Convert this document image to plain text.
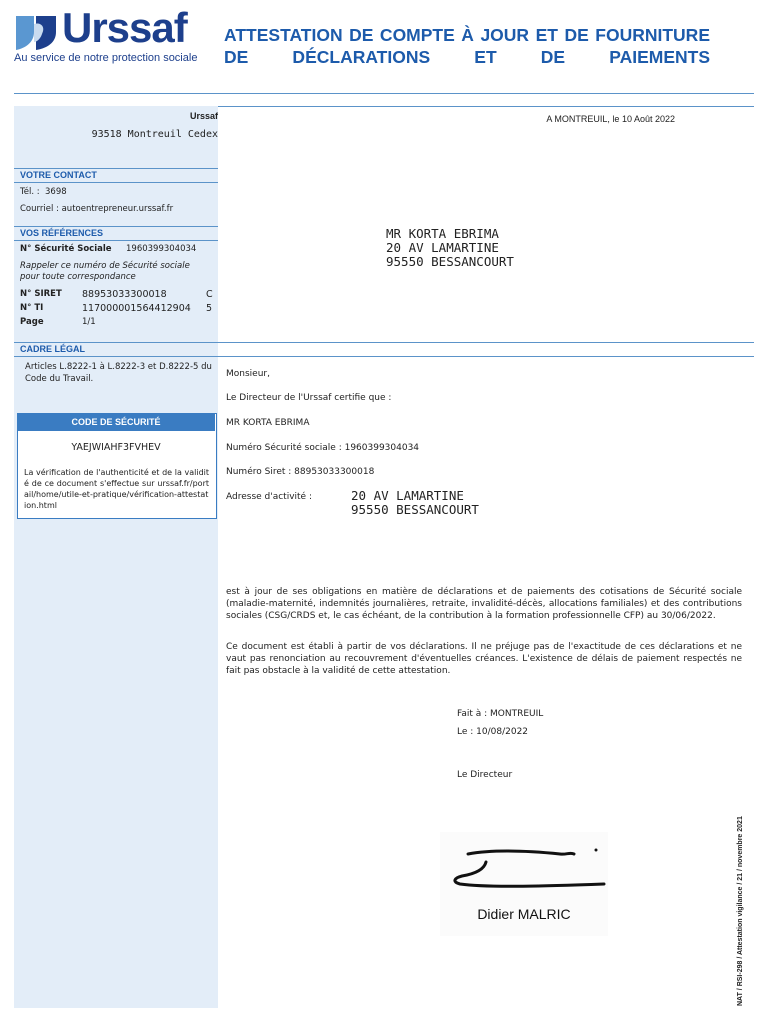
Urssaf
Au service de notre protection sociale
ATTESTATION DE COMPTE À JOUR ET DE FOURNITURE DE DÉCLARATIONS ET DE PAIEMENTS
Urssaf
93518 Montreuil Cedex
A MONTREUIL, le 10 Août 2022
VOTRE CONTACT
Tél. : 3698
Courriel : autoentrepreneur.urssaf.fr
VOS RÉFÉRENCES
N° Sécurité Sociale 1960399304034
Rappeler ce numéro de Sécurité sociale pour toute correspondance
N° SIRET 88953033300018	C
N° TI	117000001564412904 5
Page	1/1
MR KORTA EBRIMA
20 AV LAMARTINE
95550 BESSANCOURT
CADRE LÉGAL
Articles L.8222-1 à L.8222-3 et D.8222-5 du Code du Travail.
CODE DE SÉCURITÉ
YAEJWIAHF3FVHEV
La vérification de l'authenticité et de la validité de ce document s'effectue sur urssaf.fr/portail/home/utile-et-pratique/vérification-attestation.html
Monsieur,
Le Directeur de l'Urssaf certifie que :
MR KORTA EBRIMA
Numéro Sécurité sociale : 1960399304034
Numéro Siret : 88953033300018
Adresse d'activité :	20 AV LAMARTINE
95550 BESSANCOURT
est à jour de ses obligations en matière de déclarations et de paiements des cotisations de Sécurité sociale (maladie-maternité, indemnités journalières, retraite, invalidité-décès, allocations familiales) et des contributions sociales (CSG/CRDS et, le cas échéant, de la contribution à la formation professionnelle CFP) au 30/06/2022.
Ce document est établi à partir de vos déclarations. Il ne préjuge pas de l'exactitude de ces déclarations et ne vaut pas renonciation au recouvrement d'éventuelles créances. L'existence de délais de paiement respectés ne fait pas obstacle à la validité de cette attestation.
Fait à : MONTREUIL
Le : 10/08/2022
Le Directeur
Didier MALRIC	NAT / RSI-298 / Attestation vigilance / 21 / novembre 2021
